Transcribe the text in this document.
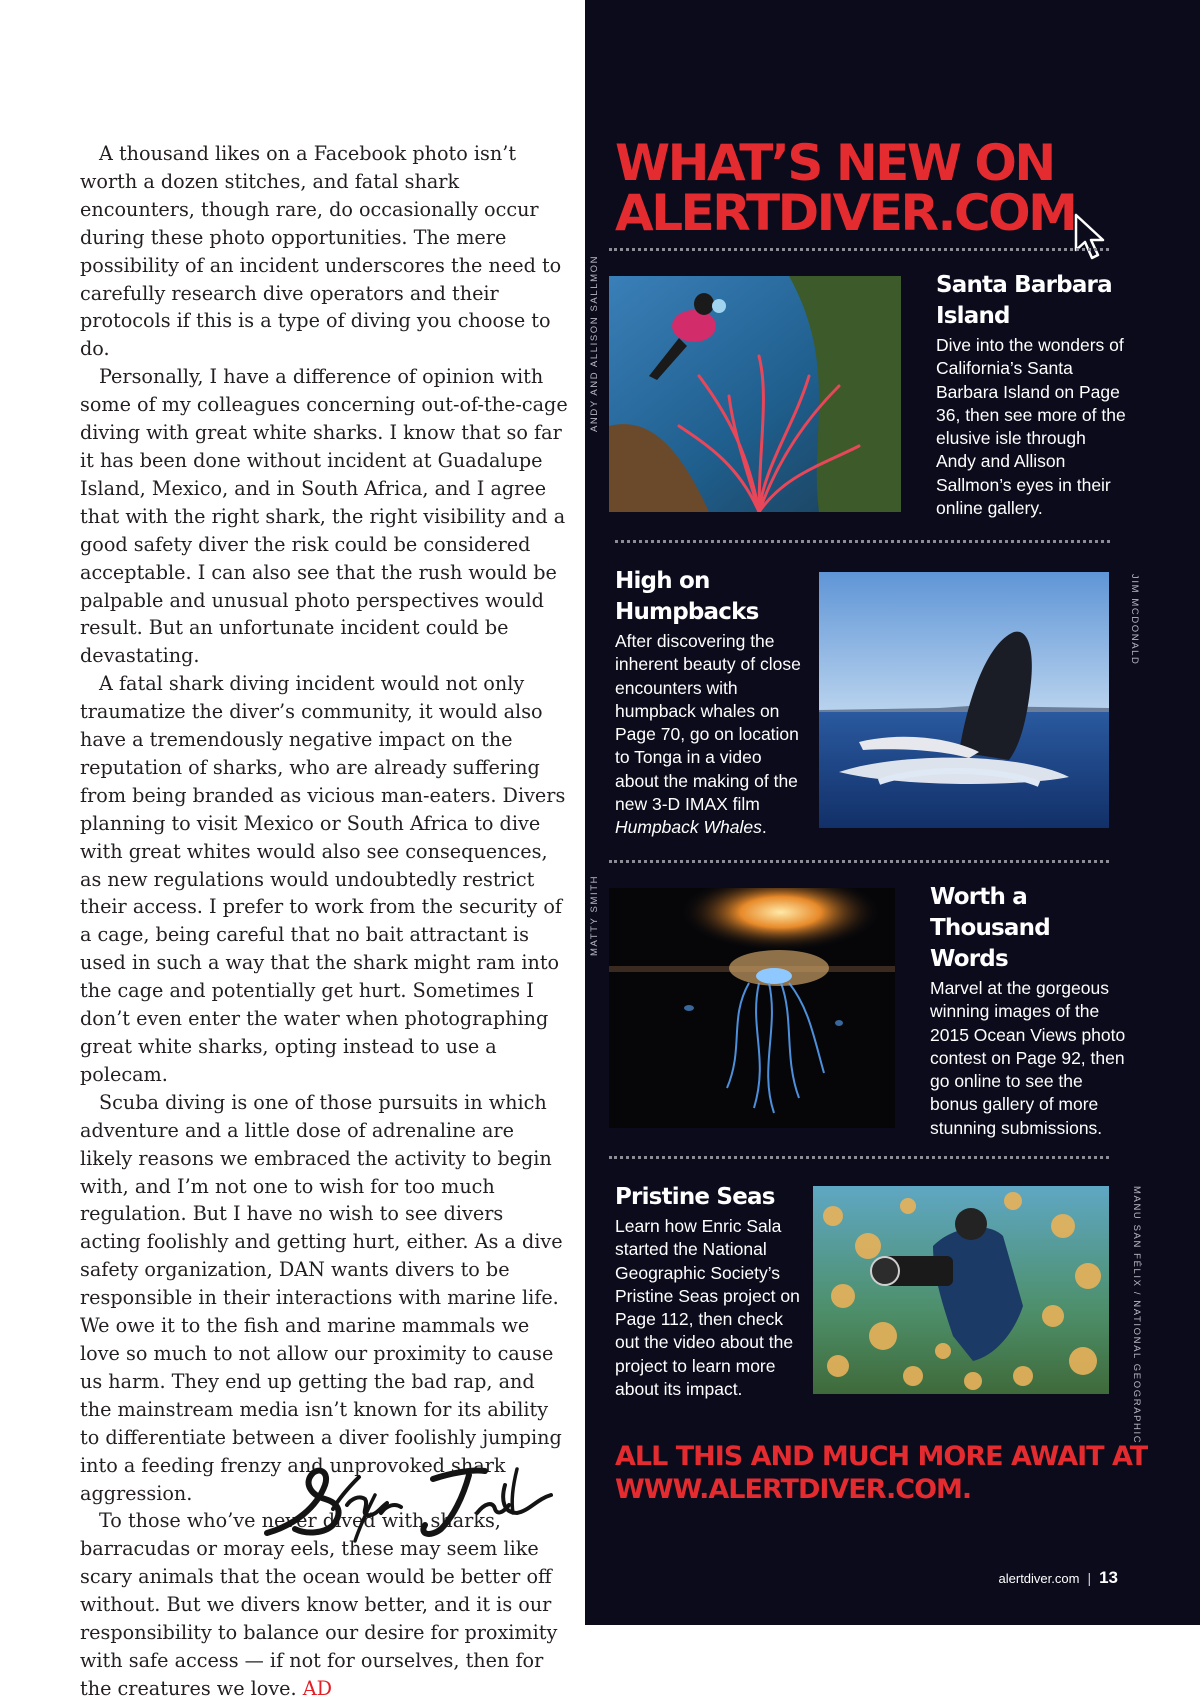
A thousand likes on a Facebook photo isn’t worth a dozen stitches, and fatal shark encounters, though rare, do occasionally occur during these photo opportunities. The mere possibility of an incident underscores the need to carefully research dive operators and their protocols if this is a type of diving you choose to do.

Personally, I have a difference of opinion with some of my colleagues concerning out-of-the-cage diving with great white sharks. I know that so far it has been done without incident at Guadalupe Island, Mexico, and in South Africa, and I agree that with the right shark, the right visibility and a good safety diver the risk could be considered acceptable. I can also see that the rush would be palpable and unusual photo perspectives would result. But an unfortunate incident could be devastating.

A fatal shark diving incident would not only traumatize the diver’s community, it would also have a tremendously negative impact on the reputation of sharks, who are already suffering from being branded as vicious man-eaters. Divers planning to visit Mexico or South Africa to dive with great whites would also see consequences, as new regulations would undoubtedly restrict their access. I prefer to work from the security of a cage, being careful that no bait attractant is used in such a way that the shark might ram into the cage and potentially get hurt. Sometimes I don’t even enter the water when photographing great white sharks, opting instead to use a polecam.

Scuba diving is one of those pursuits in which adventure and a little dose of adrenaline are likely reasons we embraced the activity to begin with, and I’m not one to wish for too much regulation. But I have no wish to see divers acting foolishly and getting hurt, either. As a dive safety organization, DAN wants divers to be responsible in their interactions with marine life. We owe it to the fish and marine mammals we love so much to not allow our proximity to cause us harm. They end up getting the bad rap, and the mainstream media isn’t known for its ability to differentiate between a diver foolishly jumping into a feeding frenzy and unprovoked shark aggression.

To those who’ve never dived with sharks, barracudas or moray eels, these may seem like scary animals that the ocean would be better off without. But we divers know better, and it is our responsibility to balance our desire for proximity with safe access — if not for ourselves, then for the creatures we love. AD

WHAT’S NEW ON
ALERTDIVER.COM
ANDY AND ALLISON SALLMON	Santa Barbara
Island

Dive into the wonders of California’s Santa Barbara Island on Page 36, then see more of the elusive isle through Andy and Allison Sallmon’s eyes in their online gallery.

High on
Humpbacks

After discovering the inherent beauty of close encounters with humpback whales on Page 70, go on location to Tonga in a video about the making of the new 3-D IMAX film Humpback Whales.

JIM MCDONALD
MATTY SMITH	Worth a
Thousand Words

Marvel at the gorgeous winning images of the 2015 Ocean Views photo contest on Page 92, then go online to see the bonus gallery of more stunning submissions.

Pristine Seas

Learn how Enric Sala started the National Geographic Society’s Pristine Seas project on Page 112, then check out the video about the project to learn more about its impact.	MANU SAN FÉLIX / NATIONAL GEOGRAPHIC
ALL THIS AND MUCH MORE AWAIT AT
WWW.ALERTDIVER.COM.
alertdiver.com | 13
